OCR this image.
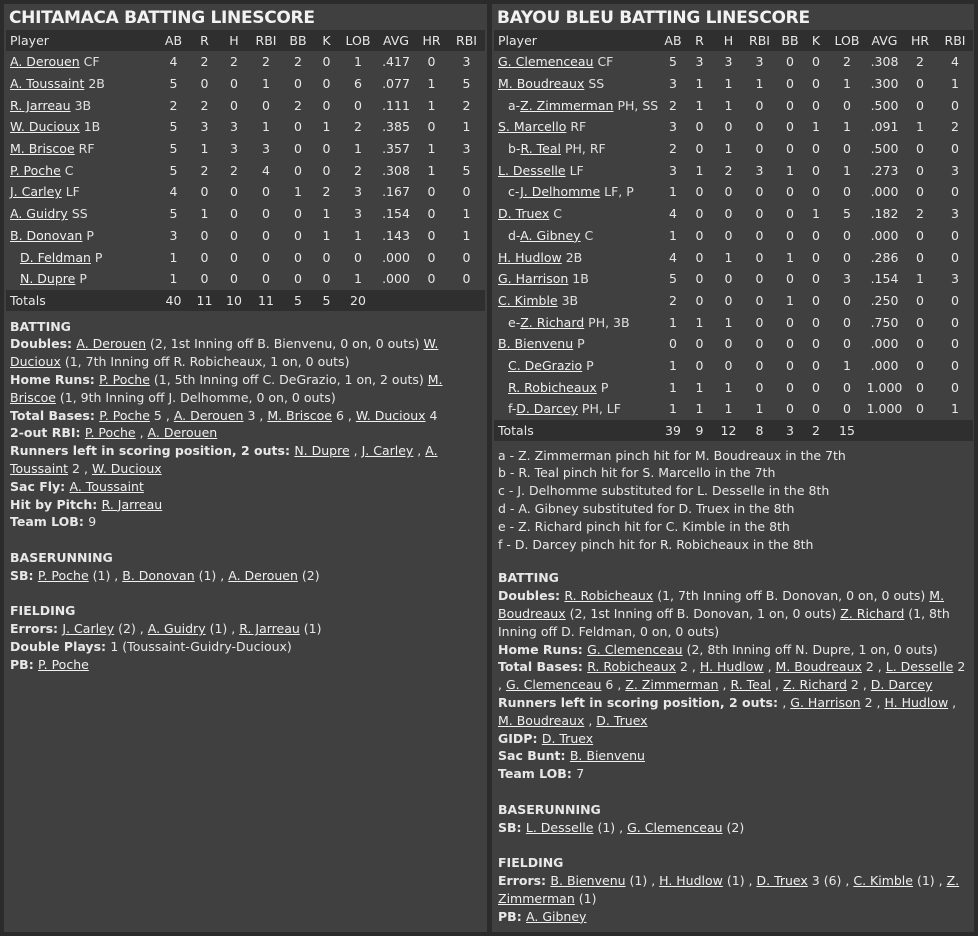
CHITAMACA BATTING LINESCORE
Player	AB	R	H	RBI	BB	K	LOB	AVG	HR	RBI
A. Derouen CF	4	2	2	2	2	0	1	.417	0	3
A. Toussaint 2B	5	0	0	1	0	0	6	.077	1	5
R. Jarreau 3B	2	2	0	0	2	0	0	.111	1	2
W. Ducioux 1B	5	3	3	1	0	1	2	.385	0	1
M. Briscoe RF	5	1	3	3	0	0	1	.357	1	3
P. Poche C	5	2	2	4	0	0	2	.308	1	5
J. Carley LF	4	0	0	0	1	2	3	.167	0	0
A. Guidry SS	5	1	0	0	0	1	3	.154	0	1
B. Donovan P	3	0	0	0	0	1	1	.143	0	1
D. Feldman P	1	0	0	0	0	0	0	.000	0	0
N. Dupre P	1	0	0	0	0	0	1	.000	0	0
Totals	40	11	10	11	5	5	20			
BATTING
Doubles: A. Derouen (2, 1st Inning off B. Bienvenu, 0 on, 0 outs) W. Ducioux (1, 7th Inning off R. Robicheaux, 1 on, 0 outs)
Home Runs: P. Poche (1, 5th Inning off C. DeGrazio, 1 on, 2 outs) M. Briscoe (1, 9th Inning off J. Delhomme, 0 on, 0 outs)
Total Bases: P. Poche 5 , A. Derouen 3 , M. Briscoe 6 , W. Ducioux 4
2-out RBI: P. Poche , A. Derouen
Runners left in scoring position, 2 outs: N. Dupre , J. Carley , A. Toussaint 2 , W. Ducioux
Sac Fly: A. Toussaint
Hit by Pitch: R. Jarreau
Team LOB: 9
BASERUNNING
SB: P. Poche (1) , B. Donovan (1) , A. Derouen (2)
FIELDING
Errors: J. Carley (2) , A. Guidry (1) , R. Jarreau (1)
Double Plays: 1 (Toussaint-Guidry-Ducioux)
PB: P. Poche
BAYOU BLEU BATTING LINESCORE
Player	AB	R	H	RBI	BB	K	LOB	AVG	HR	RBI
G. Clemenceau CF	5	3	3	3	0	0	2	.308	2	4
M. Boudreaux SS	3	1	1	1	0	0	1	.300	0	1
a-Z. Zimmerman PH, SS	2	1	1	0	0	0	0	.500	0	0
S. Marcello RF	3	0	0	0	0	1	1	.091	1	2
b-R. Teal PH, RF	2	0	1	0	0	0	0	.500	0	0
L. Desselle LF	3	1	2	3	1	0	1	.273	0	3
c-J. Delhomme LF, P	1	0	0	0	0	0	0	.000	0	0
D. Truex C	4	0	0	0	0	1	5	.182	2	3
d-A. Gibney C	1	0	0	0	0	0	0	.000	0	0
H. Hudlow 2B	4	0	1	0	1	0	0	.286	0	0
G. Harrison 1B	5	0	0	0	0	0	3	.154	1	3
C. Kimble 3B	2	0	0	0	1	0	0	.250	0	0
e-Z. Richard PH, 3B	1	1	1	0	0	0	0	.750	0	0
B. Bienvenu P	0	0	0	0	0	0	0	.000	0	0
C. DeGrazio P	1	0	0	0	0	0	1	.000	0	0
R. Robicheaux P	1	1	1	0	0	0	0	1.000	0	0
f-D. Darcey PH, LF	1	1	1	1	0	0	0	1.000	0	1
Totals	39	9	12	8	3	2	15			
a - Z. Zimmerman pinch hit for M. Boudreaux in the 7th
b - R. Teal pinch hit for S. Marcello in the 7th
c - J. Delhomme substituted for L. Desselle in the 8th
d - A. Gibney substituted for D. Truex in the 8th
e - Z. Richard pinch hit for C. Kimble in the 8th
f - D. Darcey pinch hit for R. Robicheaux in the 8th
BATTING
Doubles: R. Robicheaux (1, 7th Inning off B. Donovan, 0 on, 0 outs) M. Boudreaux (2, 1st Inning off B. Donovan, 1 on, 0 outs) Z. Richard (1, 8th Inning off D. Feldman, 0 on, 0 outs)
Home Runs: G. Clemenceau (2, 8th Inning off N. Dupre, 1 on, 0 outs)
Total Bases: R. Robicheaux 2 , H. Hudlow , M. Boudreaux 2 , L. Desselle 2 , G. Clemenceau 6 , Z. Zimmerman , R. Teal , Z. Richard 2 , D. Darcey
Runners left in scoring position, 2 outs: , G. Harrison 2 , H. Hudlow , M. Boudreaux , D. Truex
GIDP: D. Truex
Sac Bunt: B. Bienvenu
Team LOB: 7
BASERUNNING
SB: L. Desselle (1) , G. Clemenceau (2)
FIELDING
Errors: B. Bienvenu (1) , H. Hudlow (1) , D. Truex 3 (6) , C. Kimble (1) , Z. Zimmerman (1)
PB: A. Gibney
